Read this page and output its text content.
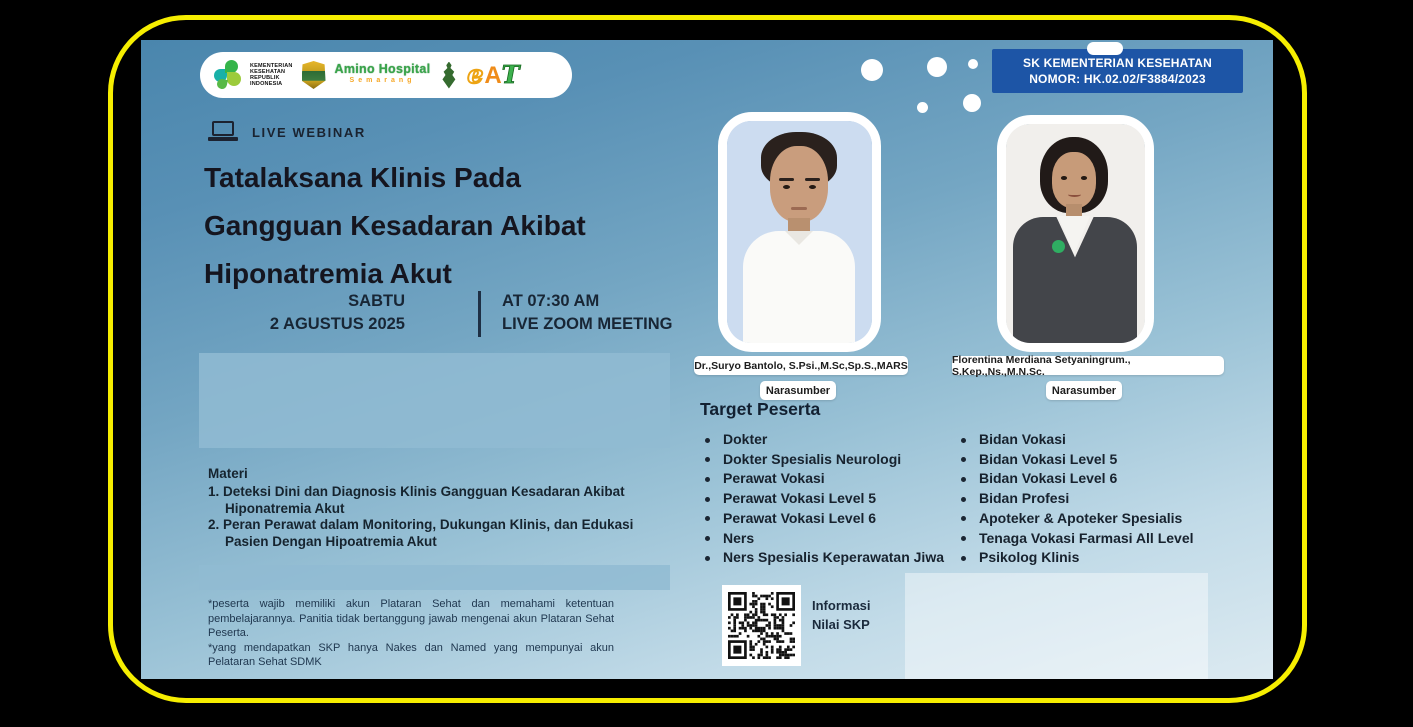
KEMENTERIAN
KESEHATAN
REPUBLIK
INDONESIA
Amino Hospital
Semarang	e A T	SK KEMENTERIAN KESEHATAN
NOMOR: HK.02.02/F3884/2023
LIVE WEBINAR
Tatalaksana Klinis Pada
Gangguan Kesadaran Akibat
Hiponatremia Akut
SABTU
2 AGUSTUS 2025
AT 07:30 AM
LIVE ZOOM MEETING
Materi
Deteksi Dini dan Diagnosis Klinis Gangguan Kesadaran Akibat Hiponatremia Akut
Peran Perawat dalam Monitoring, Dukungan Klinis, dan Edukasi Pasien Dengan Hipoatremia Akut

*peserta wajib memiliki akun Plataran Sehat dan memahami ketentuan pembelajarannya. Panitia tidak bertanggung jawab mengenai akun Plataran Sehat Peserta.

*yang mendapatkan SKP hanya Nakes dan Named yang mempunyai akun Pelataran Sehat SDMK

Dr.,Suryo Bantolo, S.Psi.,M.Sc,Sp.S.,MARS	Florentina Merdiana Setyaningrum., S.Kep.,Ns.,M.N.Sc.
Narasumber	Narasumber
Target Peserta
Dokter
Dokter Spesialis Neurologi
Perawat Vokasi
Perawat Vokasi Level 5
Perawat Vokasi Level 6
Ners
Ners Spesialis Keperawatan Jiwa
Bidan Vokasi
Bidan Vokasi Level 5
Bidan Vokasi Level 6
Bidan Profesi
Apoteker & Apoteker Spesialis
Tenaga Vokasi Farmasi All Level
Psikolog Klinis
Informasi
Nilai SKP
